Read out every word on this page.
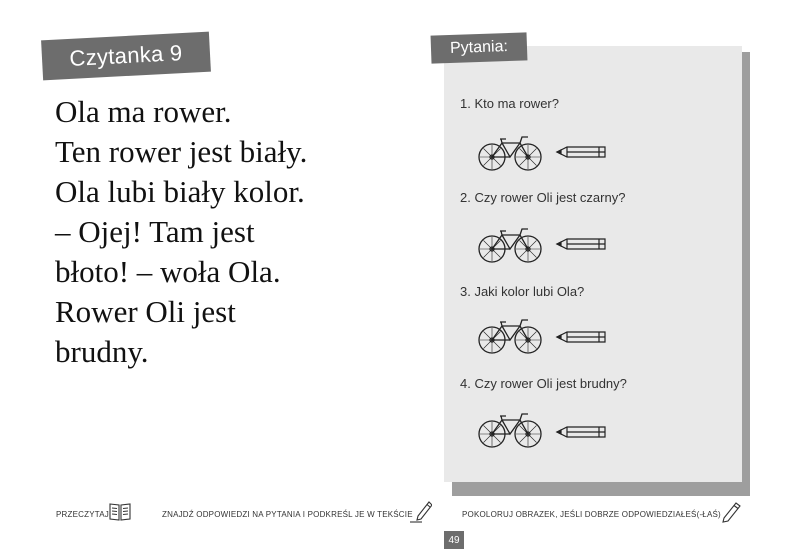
Czytanka 9
Ola ma rower.
Ten rower jest biały.
Ola lubi biały kolor.
– Ojej! Tam jest
błoto! – woła Ola.
Rower Oli jest
brudny.
Pytania:
1. Kto ma rower?
2. Czy rower Oli jest czarny?
3. Jaki kolor lubi Ola?
4. Czy rower Oli jest brudny?
PRZECZYTAJ	ZNAJDŹ ODPOWIEDZI NA PYTANIA I PODKREŚL JE W TEKŚCIE	POKOLORUJ OBRAZEK, JEŚLI DOBRZE ODPOWIEDZIAŁEŚ(-ŁAŚ)
49
